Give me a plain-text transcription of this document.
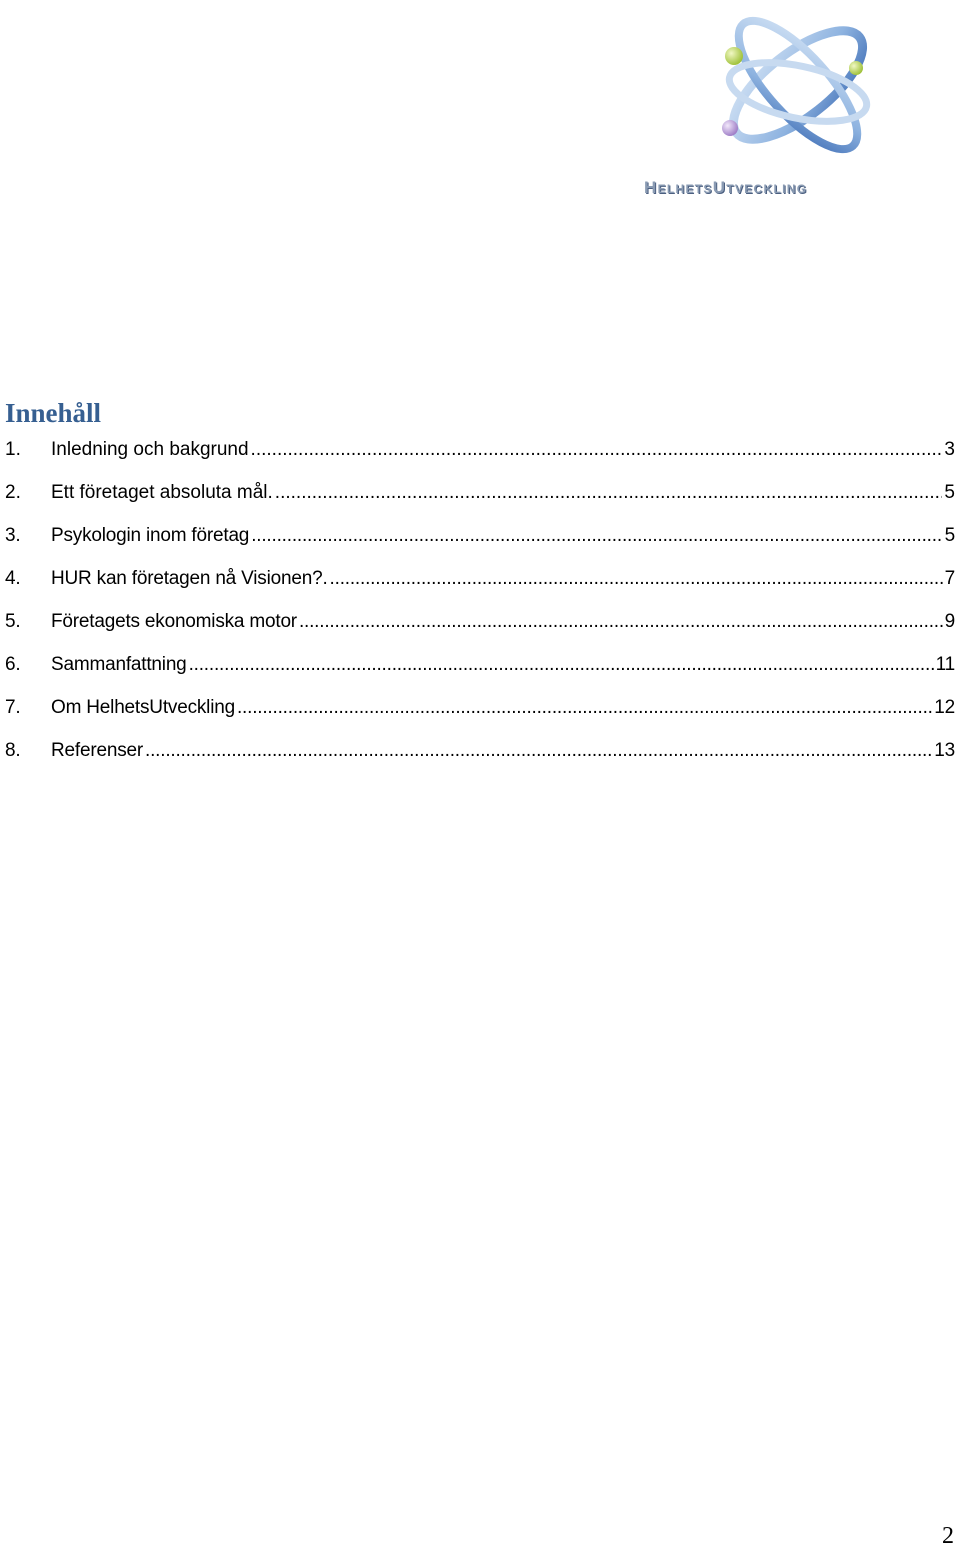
HelhetsUtveckling
Innehåll
1.	Inledning och bakgrund .....	3
2.	Ett företaget absoluta mål. .....	5
3.	Psykologin inom företag .....	5
4.	HUR kan företagen nå Visionen?. .....	7
5.	Företagets ekonomiska motor .....	9
6.	Sammanfattning .....	11
7.	Om HelhetsUtveckling .....	12
8.	Referenser .....	13
2
